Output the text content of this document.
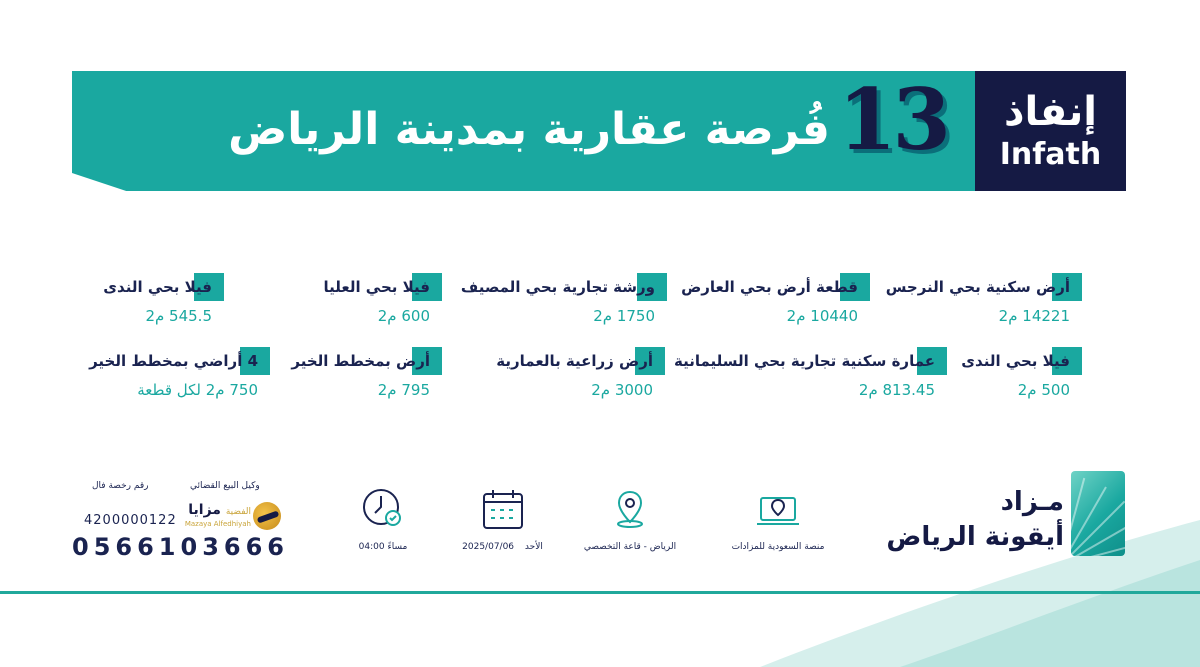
فُرصة عقارية بمدينة الرياض 13 إنفاذ
Infath
أرض سكنية بحي النرجس
14221 م2
قطعة أرض بحي العارض
10440 م2
ورشة تجارية بحي المصيف
1750 م2
فيلا بحي العليا
600 م2
فيلا بحي الندى
545.5 م2
فيلا بحي الندى
500 م2
عمارة سكنية تجارية بحي السليمانية
813.45 م2
أرض زراعية بالعمارية
3000 م2
أرض بمخطط الخير
795 م2
4 أراضي بمخطط الخير
750 م2 لكل قطعة
مـزاد
أيقونة الرياض
منصة السعودية للمزادات
الرياض - قاعة التخصصي
2025/07/06 الأحد
04:00 مساءً
وكيل البيع القضائي
رقم رخصة فال
الفضية مزايا
Mazaya Alfedhiyah
4200000122
0566103666
